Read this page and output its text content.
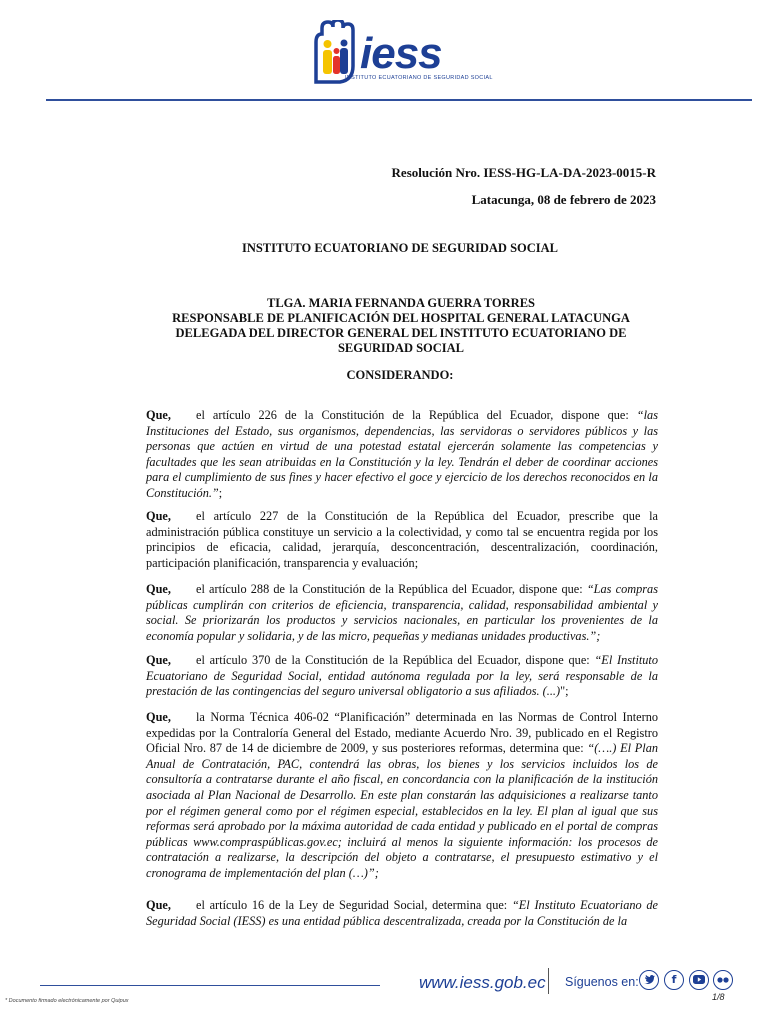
iess
INSTITUTO ECUATORIANO DE SEGURIDAD SOCIAL
Resolución Nro. IESS-HG-LA-DA-2023-0015-R
Latacunga, 08 de febrero de 2023
INSTITUTO ECUATORIANO DE SEGURIDAD SOCIAL
TLGA. MARIA FERNANDA GUERRA TORRES
RESPONSABLE DE PLANIFICACIÓN DEL HOSPITAL GENERAL LATACUNGA
DELEGADA DEL DIRECTOR GENERAL DEL INSTITUTO ECUATORIANO DE
SEGURIDAD SOCIAL
CONSIDERANDO:
Que, el artículo 226 de la Constitución de la República del Ecuador, dispone que: “las Instituciones del Estado, sus organismos, dependencias, las servidoras o servidores públicos y las personas que actúen en virtud de una potestad estatal ejercerán solamente las competencias y facultades que les sean atribuidas en la Constitución y la ley. Tendrán el deber de coordinar acciones para el cumplimiento de sus fines y hacer efectivo el goce y ejercicio de los derechos reconocidos en la Constitución.”;
Que, el artículo 227 de la Constitución de la República del Ecuador, prescribe que la administración pública constituye un servicio a la colectividad, y como tal se encuentra regida por los principios de eficacia, calidad, jerarquía, desconcentración, descentralización, coordinación, participación planificación, transparencia y evaluación;
Que, el artículo 288 de la Constitución de la República del Ecuador, dispone que: “Las compras públicas cumplirán con criterios de eficiencia, transparencia, calidad, responsabilidad ambiental y social. Se priorizarán los productos y servicios nacionales, en particular los provenientes de la economía popular y solidaria, y de las micro, pequeñas y medianas unidades productivas.”;
Que, el artículo 370 de la Constitución de la República del Ecuador, dispone que: “El Instituto Ecuatoriano de Seguridad Social, entidad autónoma regulada por la ley, será responsable de la prestación de las contingencias del seguro universal obligatorio a sus afiliados. (...)";
Que, la Norma Técnica 406-02 “Planificación” determinada en las Normas de Control Interno expedidas por la Contraloría General del Estado, mediante Acuerdo Nro. 39, publicado en el Registro Oficial Nro. 87 de 14 de diciembre de 2009, y sus posteriores reformas, determina que: “(….) El Plan Anual de Contratación, PAC, contendrá las obras, los bienes y los servicios incluidos los de consultoría a contratarse durante el año fiscal, en concordancia con la planificación de la institución asociada al Plan Nacional de Desarrollo. En este plan constarán las adquisiciones a realizarse tanto por el régimen general como por el régimen especial, establecidos en la ley. El plan al igual que sus reformas será aprobado por la máxima autoridad de cada entidad y publicado en el portal de compras públicas www.compraspúblicas.gov.ec; incluirá al menos la siguiente información: los procesos de contratación a realizarse, la descripción del objeto a contratarse, el presupuesto estimativo y el cronograma de implementación del plan (…)”;
Que, el artículo 16 de la Ley de Seguridad Social, determina que: “El Instituto Ecuatoriano de Seguridad Social (IESS) es una entidad pública descentralizada, creada por la Constitución de la
* Documento firmado electrónicamente por Quipux
www.iess.gob.ec Síguenos en:	f
1/8
